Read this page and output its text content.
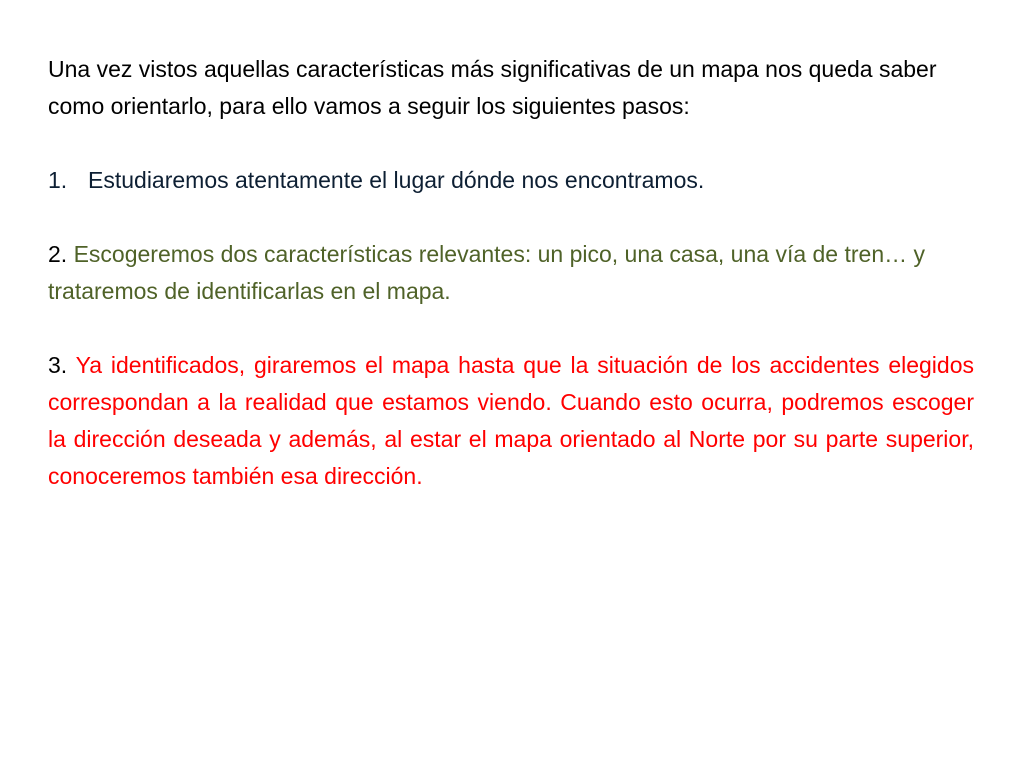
Una vez vistos aquellas características más significativas de un mapa nos queda saber como orientarlo, para ello vamos a seguir los siguientes pasos:

1. Estudiaremos atentamente el lugar dónde nos encontramos.

2. Escogeremos dos características relevantes: un pico, una casa, una vía de tren… y trataremos de identificarlas en el mapa.

3. Ya identificados, giraremos el mapa hasta que la situación de los accidentes elegidos correspondan a la realidad que estamos viendo. Cuando esto ocurra, podremos escoger la dirección deseada y además, al estar el mapa orientado al Norte por su parte superior, conoceremos también esa dirección.
